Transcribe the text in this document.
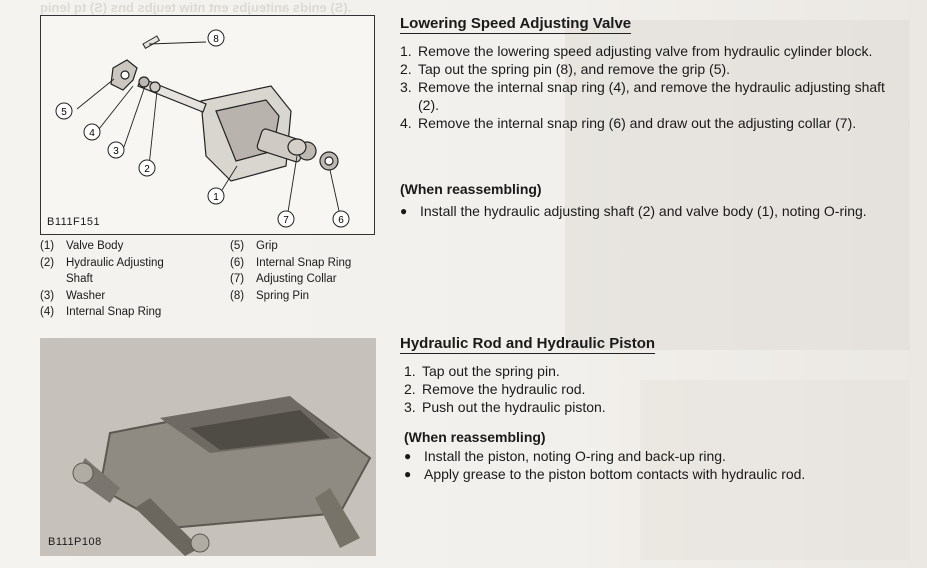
.(S) enids aniteujbs ent ntiw teujbs bns (S) tq leniq
5
4
3
2
1
8
7	6
B111F151
(1) Valve Body
(2) Hydraulic Adjusting
Shaft
(3) Washer
(4) Internal Snap Ring
(5) Grip
(6) Internal Snap Ring
(7) Adjusting Collar
(8) Spring Pin
B111P108
Lowering Speed Adjusting Valve
1. Remove the lowering speed adjusting valve from hydraulic cylinder block.
2. Tap out the spring pin (8), and remove the grip (5).
3. Remove the internal snap ring (4), and remove the hydraulic adjusting shaft (2).
4. Remove the internal snap ring (6) and draw out the adjusting collar (7).
(When reassembling)
● Install the hydraulic adjusting shaft (2) and valve body (1), noting O-ring.
Hydraulic Rod and Hydraulic Piston
1. Tap out the spring pin.
2. Remove the hydraulic rod.
3. Push out the hydraulic piston.
(When reassembling)
● Install the piston, noting O-ring and back-up ring.
● Apply grease to the piston bottom contacts with hydraulic rod.
